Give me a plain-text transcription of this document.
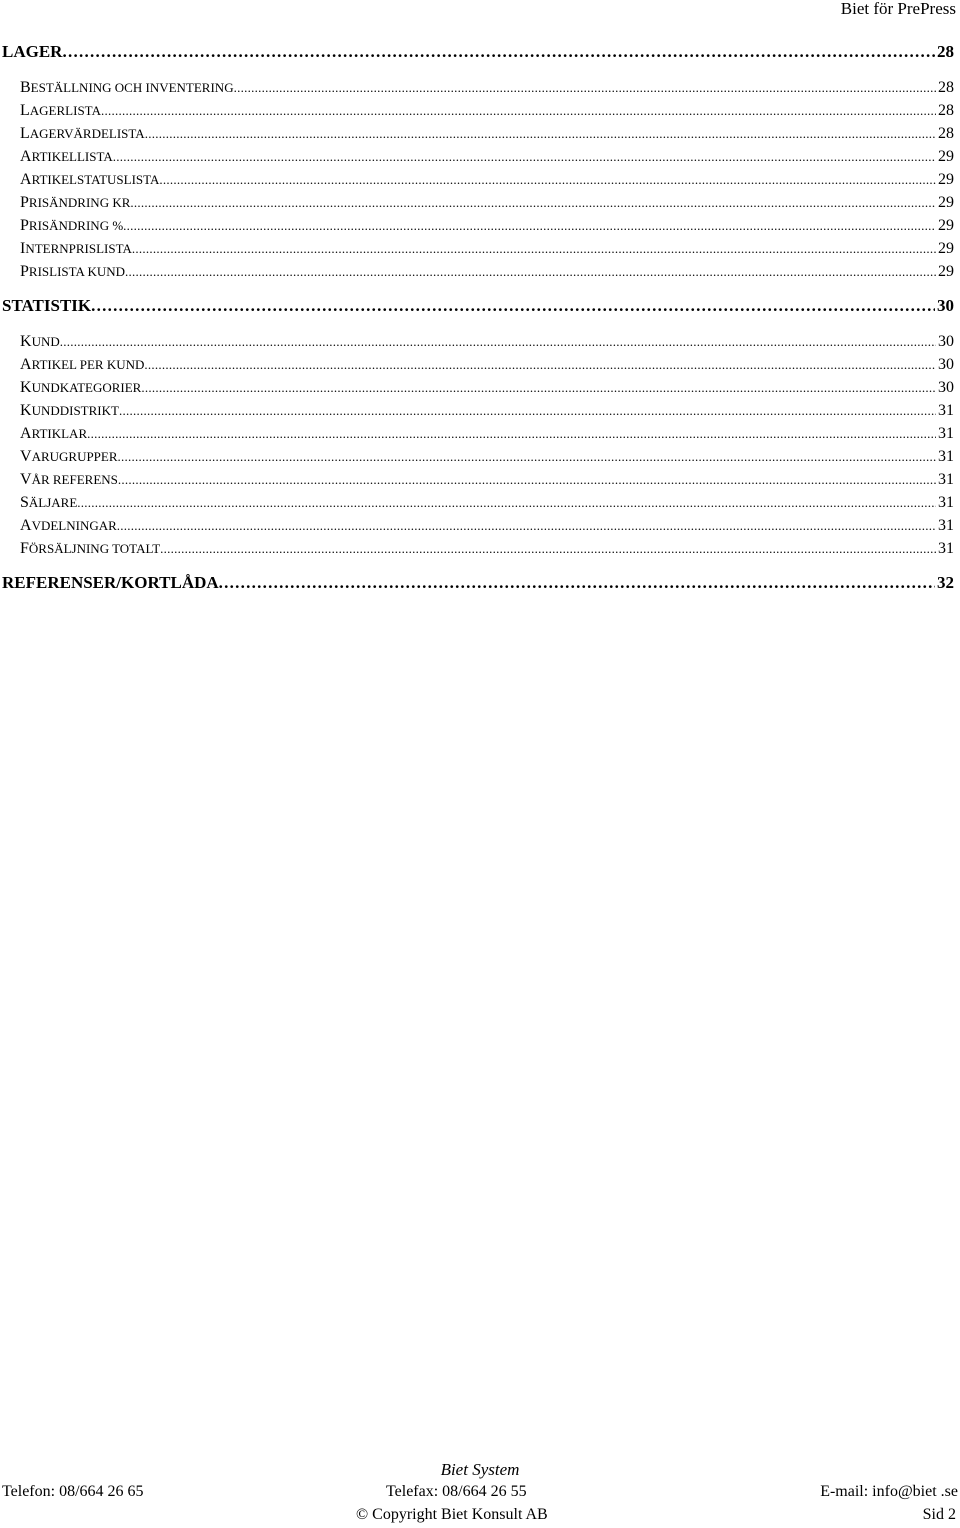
Biet för PrePress
LAGER . . .	28
BESTÄLLNING OCH INVENTERING . . .	28
LAGERLISTA . . .	28
LAGERVÄRDELISTA . . .	28
ARTIKELLISTA . . .	29
ARTIKELSTATUSLISTA . . .	29
PRISÄNDRING KR . . .	29
PRISÄNDRING % . . .	29
INTERNPRISLISTA . . .	29
PRISLISTA KUND . . .	29
STATISTIK . . .	30
KUND . . .	30
ARTIKEL PER KUND . . .	30
KUNDKATEGORIER . . .	30
KUNDDISTRIKT . . .	31
ARTIKLAR . . .	31
VARUGRUPPER . . .	31
VÅR REFERENS . . .	31
SÄLJARE . . .	31
AVDELNINGAR . . .	31
FÖRSÄLJNING TOTALT . . .	31
REFERENSER/KORTLÅDA . . .	32
Biet System
Telefon: 08/664 26 65	Telefax: 08/664 26 55	E-mail: info@biet .se
© Copyright Biet Konsult AB	Sid 2
